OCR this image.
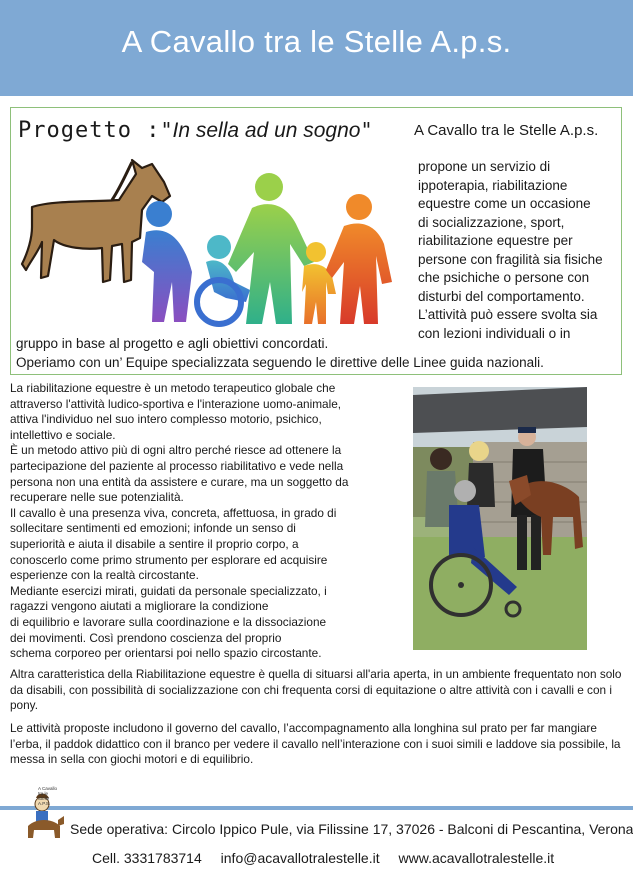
A Cavallo tra le Stelle A.p.s.
Progetto :"In sella ad un sogno"	A Cavallo tra le Stelle A.p.s.
propone un servizio di
ippoterapia, riabilitazione
equestre come un occasione
di socializzazione, sport,
riabilitazione equestre per
persone con fragilità sia fisiche
che psichiche o persone con
disturbi del comportamento.
L’attività può essere svolta sia
con lezioni individuali o in

gruppo in base al progetto e agli obiettivi concordati.

Operiamo con un’ Equipe specializzata seguendo le direttive delle Linee guida nazionali.

La riabilitazione equestre è un metodo terapeutico globale che

attraverso l'attività ludico-sportiva e l'interazione uomo-animale,

attiva l'individuo nel suo intero complesso motorio, psichico,

intellettivo e sociale.

È un metodo attivo più di ogni altro perché riesce ad ottenere la

partecipazione del paziente al processo riabilitativo e vede nella

persona non una entità da assistere e curare, ma un soggetto da

recuperare nelle sue potenzialità.

Il cavallo è una presenza viva, concreta, affettuosa, in grado di

sollecitare sentimenti ed emozioni; infonde un senso di

superiorità e aiuta il disabile a sentire il proprio corpo, a

conoscerlo come primo strumento per esplorare ed acquisire

esperienze con la realtà circostante.

Mediante esercizi mirati, guidati da personale specializzato, i

ragazzi vengono aiutati a migliorare la condizione

di equilibrio e lavorare sulla coordinazione e la dissociazione

dei movimenti. Così prendono coscienza del proprio

schema corporeo per orientarsi poi nello spazio circostante.

Altra caratteristica della Riabilitazione equestre è quella di situarsi all'aria aperta, in un ambiente frequentato non solo da disabili, con possibilità di socializzazione con chi frequenta corsi di equitazione o altre attività con i cavalli e con i pony.

Le attività proposte includono il governo del cavallo, l’accompagnamento alla longhina sul prato per far mangiare l’erba, il paddok didattico con il branco per vedere il cavallo nell’interazione con i suoi simili e laddove sia possibile, la messa in sella con giochi motori e di equilibrio.

A Cavallo tra le Stelle A.P.S.
Sede operativa: Circolo Ippico Pule, via Filissine 17, 37026 - Balconi di Pescantina, Verona
Cell. 3331783714 info@acavallotralestelle.it www.acavallotralestelle.it
